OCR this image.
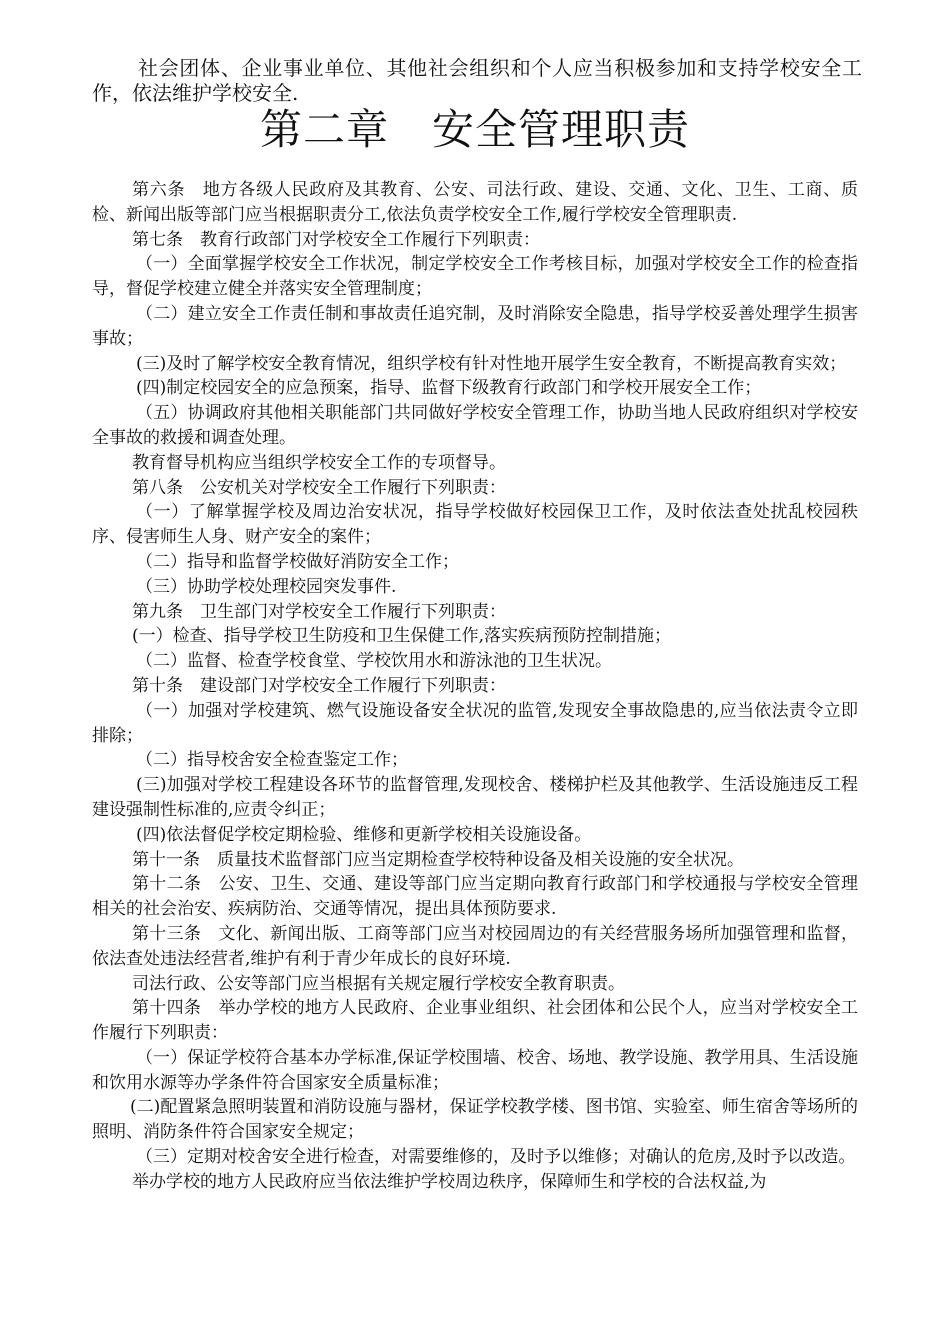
社会团体、企业事业单位、其他社会组织和个人应当积极参加和支持学校安全工作，依法维护学校安全.

第二章　安全管理职责

第六条　地方各级人民政府及其教育、公安、司法行政、建设、交通、文化、卫生、工商、质检、新闻出版等部门应当根据职责分工,依法负责学校安全工作,履行学校安全管理职责.

第七条　教育行政部门对学校安全工作履行下列职责：

（一）全面掌握学校安全工作状况，制定学校安全工作考核目标，加强对学校安全工作的检查指导，督促学校建立健全并落实安全管理制度；

（二）建立安全工作责任制和事故责任追究制，及时消除安全隐患，指导学校妥善处理学生损害事故；

(三)及时了解学校安全教育情况，组织学校有针对性地开展学生安全教育，不断提高教育实效；

(四)制定校园安全的应急预案，指导、监督下级教育行政部门和学校开展安全工作；

（五）协调政府其他相关职能部门共同做好学校安全管理工作，协助当地人民政府组织对学校安全事故的救援和调查处理。

教育督导机构应当组织学校安全工作的专项督导。

第八条　公安机关对学校安全工作履行下列职责：

（一）了解掌握学校及周边治安状况，指导学校做好校园保卫工作，及时依法查处扰乱校园秩序、侵害师生人身、财产安全的案件；

（二）指导和监督学校做好消防安全工作；

（三）协助学校处理校园突发事件.

第九条　卫生部门对学校安全工作履行下列职责：

(一）检查、指导学校卫生防疫和卫生保健工作,落实疾病预防控制措施；

（二）监督、检查学校食堂、学校饮用水和游泳池的卫生状况。

第十条　建设部门对学校安全工作履行下列职责：

（一）加强对学校建筑、燃气设施设备安全状况的监管,发现安全事故隐患的,应当依法责令立即排除；

（二）指导校舍安全检查鉴定工作；

(三)加强对学校工程建设各环节的监督管理,发现校舍、楼梯护栏及其他教学、生活设施违反工程建设强制性标准的,应责令纠正；

(四)依法督促学校定期检验、维修和更新学校相关设施设备。

第十一条　质量技术监督部门应当定期检查学校特种设备及相关设施的安全状况。

第十二条　公安、卫生、交通、建设等部门应当定期向教育行政部门和学校通报与学校安全管理相关的社会治安、疾病防治、交通等情况，提出具体预防要求.

第十三条　文化、新闻出版、工商等部门应当对校园周边的有关经营服务场所加强管理和监督，依法查处违法经营者,维护有利于青少年成长的良好环境.

司法行政、公安等部门应当根据有关规定履行学校安全教育职责。

第十四条　举办学校的地方人民政府、企业事业组织、社会团体和公民个人，应当对学校安全工作履行下列职责：

（一）保证学校符合基本办学标准,保证学校围墙、校舍、场地、教学设施、教学用具、生活设施和饮用水源等办学条件符合国家安全质量标准；

(二)配置紧急照明装置和消防设施与器材，保证学校教学楼、图书馆、实验室、师生宿舍等场所的照明、消防条件符合国家安全规定；

（三）定期对校舍安全进行检查，对需要维修的，及时予以维修；对确认的危房,及时予以改造。

举办学校的地方人民政府应当依法维护学校周边秩序，保障师生和学校的合法权益,为
